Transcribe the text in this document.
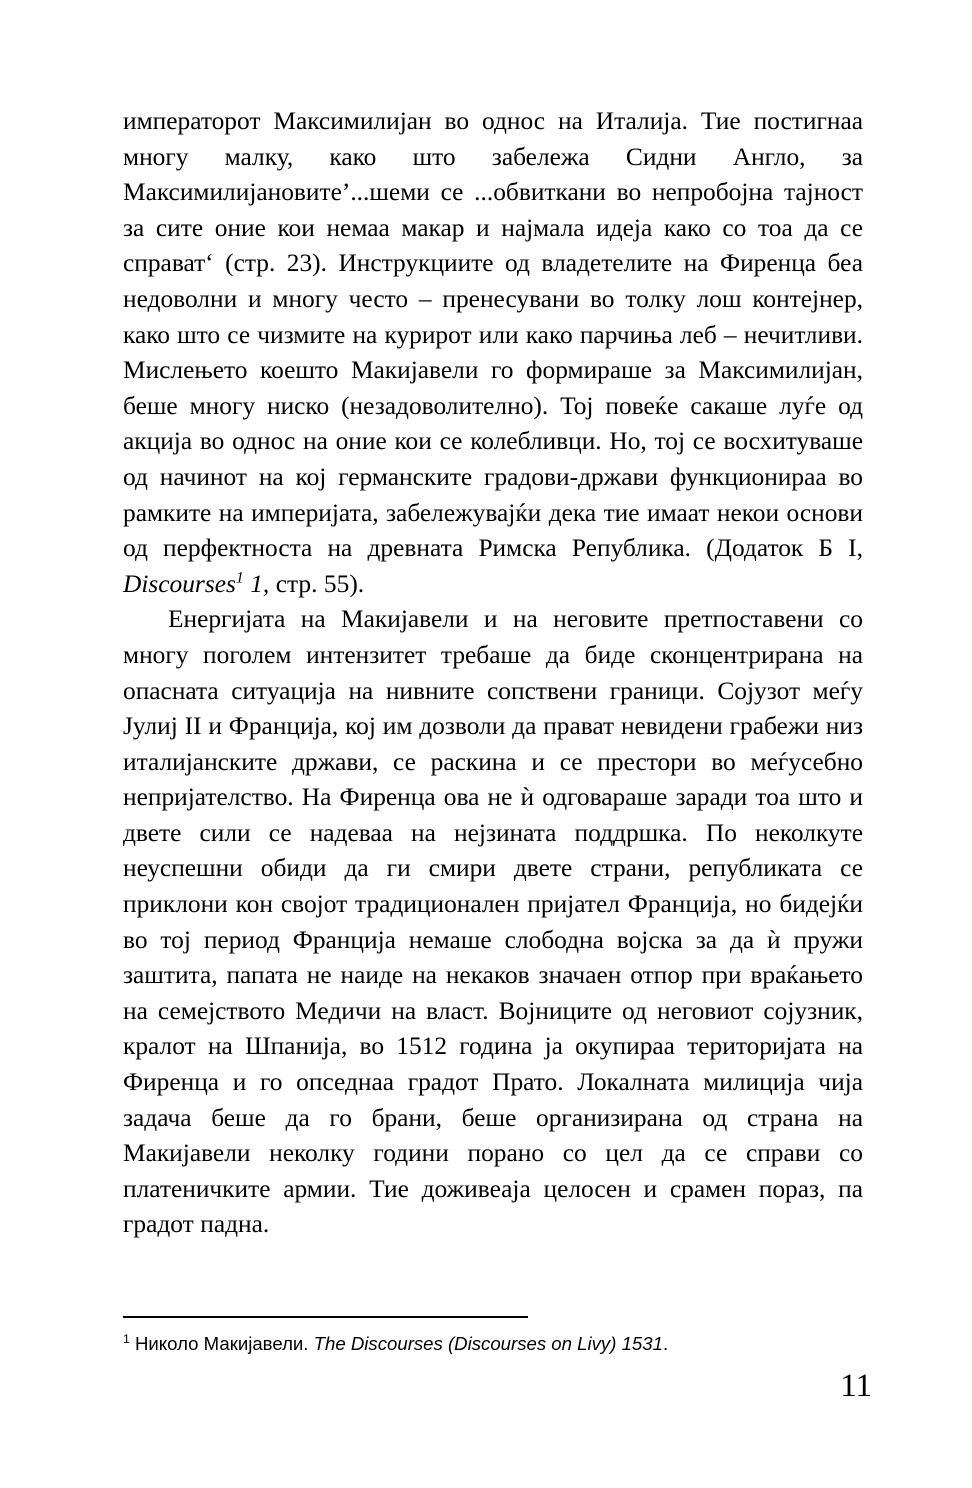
императорот Максимилијан во однос на Италија. Тие постигнаа многу малку, како што забележа Сидни Англо, за Максимилијановите’...шеми се ...обвиткани во непробојна тајност за сите оние кои немаа макар и најмала идеја како со тоа да се справат‘ (стр. 23). Инструкциите од владетелите на Фиренца беа недоволни и многу често – пренесувани во толку лош контејнер, како што се чизмите на курирот или како парчиња леб – нечитливи. Мислењето коешто Макијавели го формираше за Максимилијан, беше многу ниско (незадоволително). Тој повеќе сакаше луѓе од акција во однос на оние кои се колебливци. Но, тој се восхитуваше од начинот на кој германските градови-држави функционираа во рамките на империјата, забележувајќи дека тие имаат некои основи од перфектноста на древната Римска Република. (Додаток Б I, Discourses$^1$ 1, стр. 55).

Енергијата на Макијавели и на неговите претпоставени со многу поголем интензитет требаше да биде сконцентрирана на опасната ситуација на нивните сопствени граници. Сојузот меѓу Јулиј II и Франција, кој им дозволи да прават невидени грабежи низ италијанските држави, се раскина и се престори во меѓусебно непријателство. На Фиренца ова не ѝ одговараше заради тоа што и двете сили се надеваа на нејзината поддршка. По неколкуте неуспешни обиди да ги смири двете страни, републиката се приклони кон својот традиционален пријател Франција, но бидејќи во тој период Франција немаше слободна војска за да ѝ пружи заштита, папата не наиде на некаков значаен отпор при враќањето на семејството Медичи на власт. Војниците од неговиот сојузник, кралот на Шпанија, во 1512 година ја окупираа територијата на Фиренца и го опседнаа градот Прато. Локалната милиција чија задача беше да го брани, беше организирана од страна на Макијавели неколку години порано со цел да се справи со платеничките армии. Тие доживеаја целосен и срамен пораз, па градот падна.

$^1$ Николо Макијавели. The Discourses (Discourses on Livy) 1531.

11
